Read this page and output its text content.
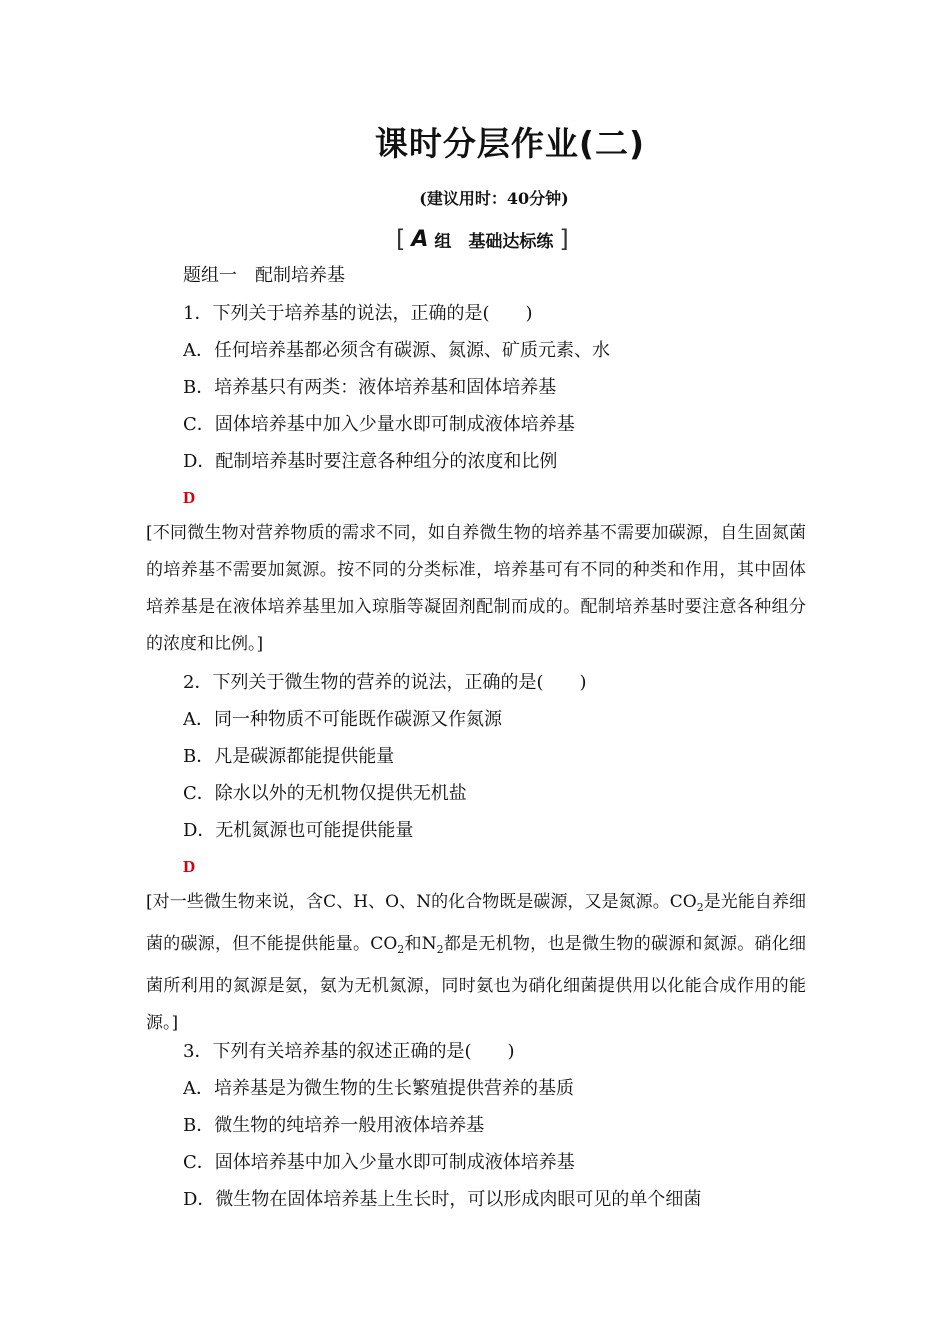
课时分层作业(二)
(建议用时：40分钟)
[ A 组　基础达标练 ]
题组一　配制培养基
1．下列关于培养基的说法，正确的是(　　)
A．任何培养基都必须含有碳源、氮源、矿质元素、水
B．培养基只有两类：液体培养基和固体培养基
C．固体培养基中加入少量水即可制成液体培养基
D．配制培养基时要注意各种组分的浓度和比例
D
[不同微生物对营养物质的需求不同，如自养微生物的培养基不需要加碳源，自生固氮菌的培养基不需要加氮源。按不同的分类标准，培养基可有不同的种类和作用，其中固体培养基是在液体培养基里加入琼脂等凝固剂配制而成的。配制培养基时要注意各种组分的浓度和比例。]
2．下列关于微生物的营养的说法，正确的是(　　)
A．同一种物质不可能既作碳源又作氮源
B．凡是碳源都能提供能量
C．除水以外的无机物仅提供无机盐
D．无机氮源也可能提供能量
D
[对一些微生物来说，含C、H、O、N的化合物既是碳源，又是氮源。$CO_2$是光能自养细菌的碳源，但不能提供能量。$CO_2$和$N_2$都是无机物，也是微生物的碳源和氮源。硝化细菌所利用的氮源是氨，氨为无机氮源，同时氨也为硝化细菌提供用以化能合成作用的能源。]
3．下列有关培养基的叙述正确的是(　　)
A．培养基是为微生物的生长繁殖提供营养的基质
B．微生物的纯培养一般用液体培养基
C．固体培养基中加入少量水即可制成液体培养基
D．微生物在固体培养基上生长时，可以形成肉眼可见的单个细菌
